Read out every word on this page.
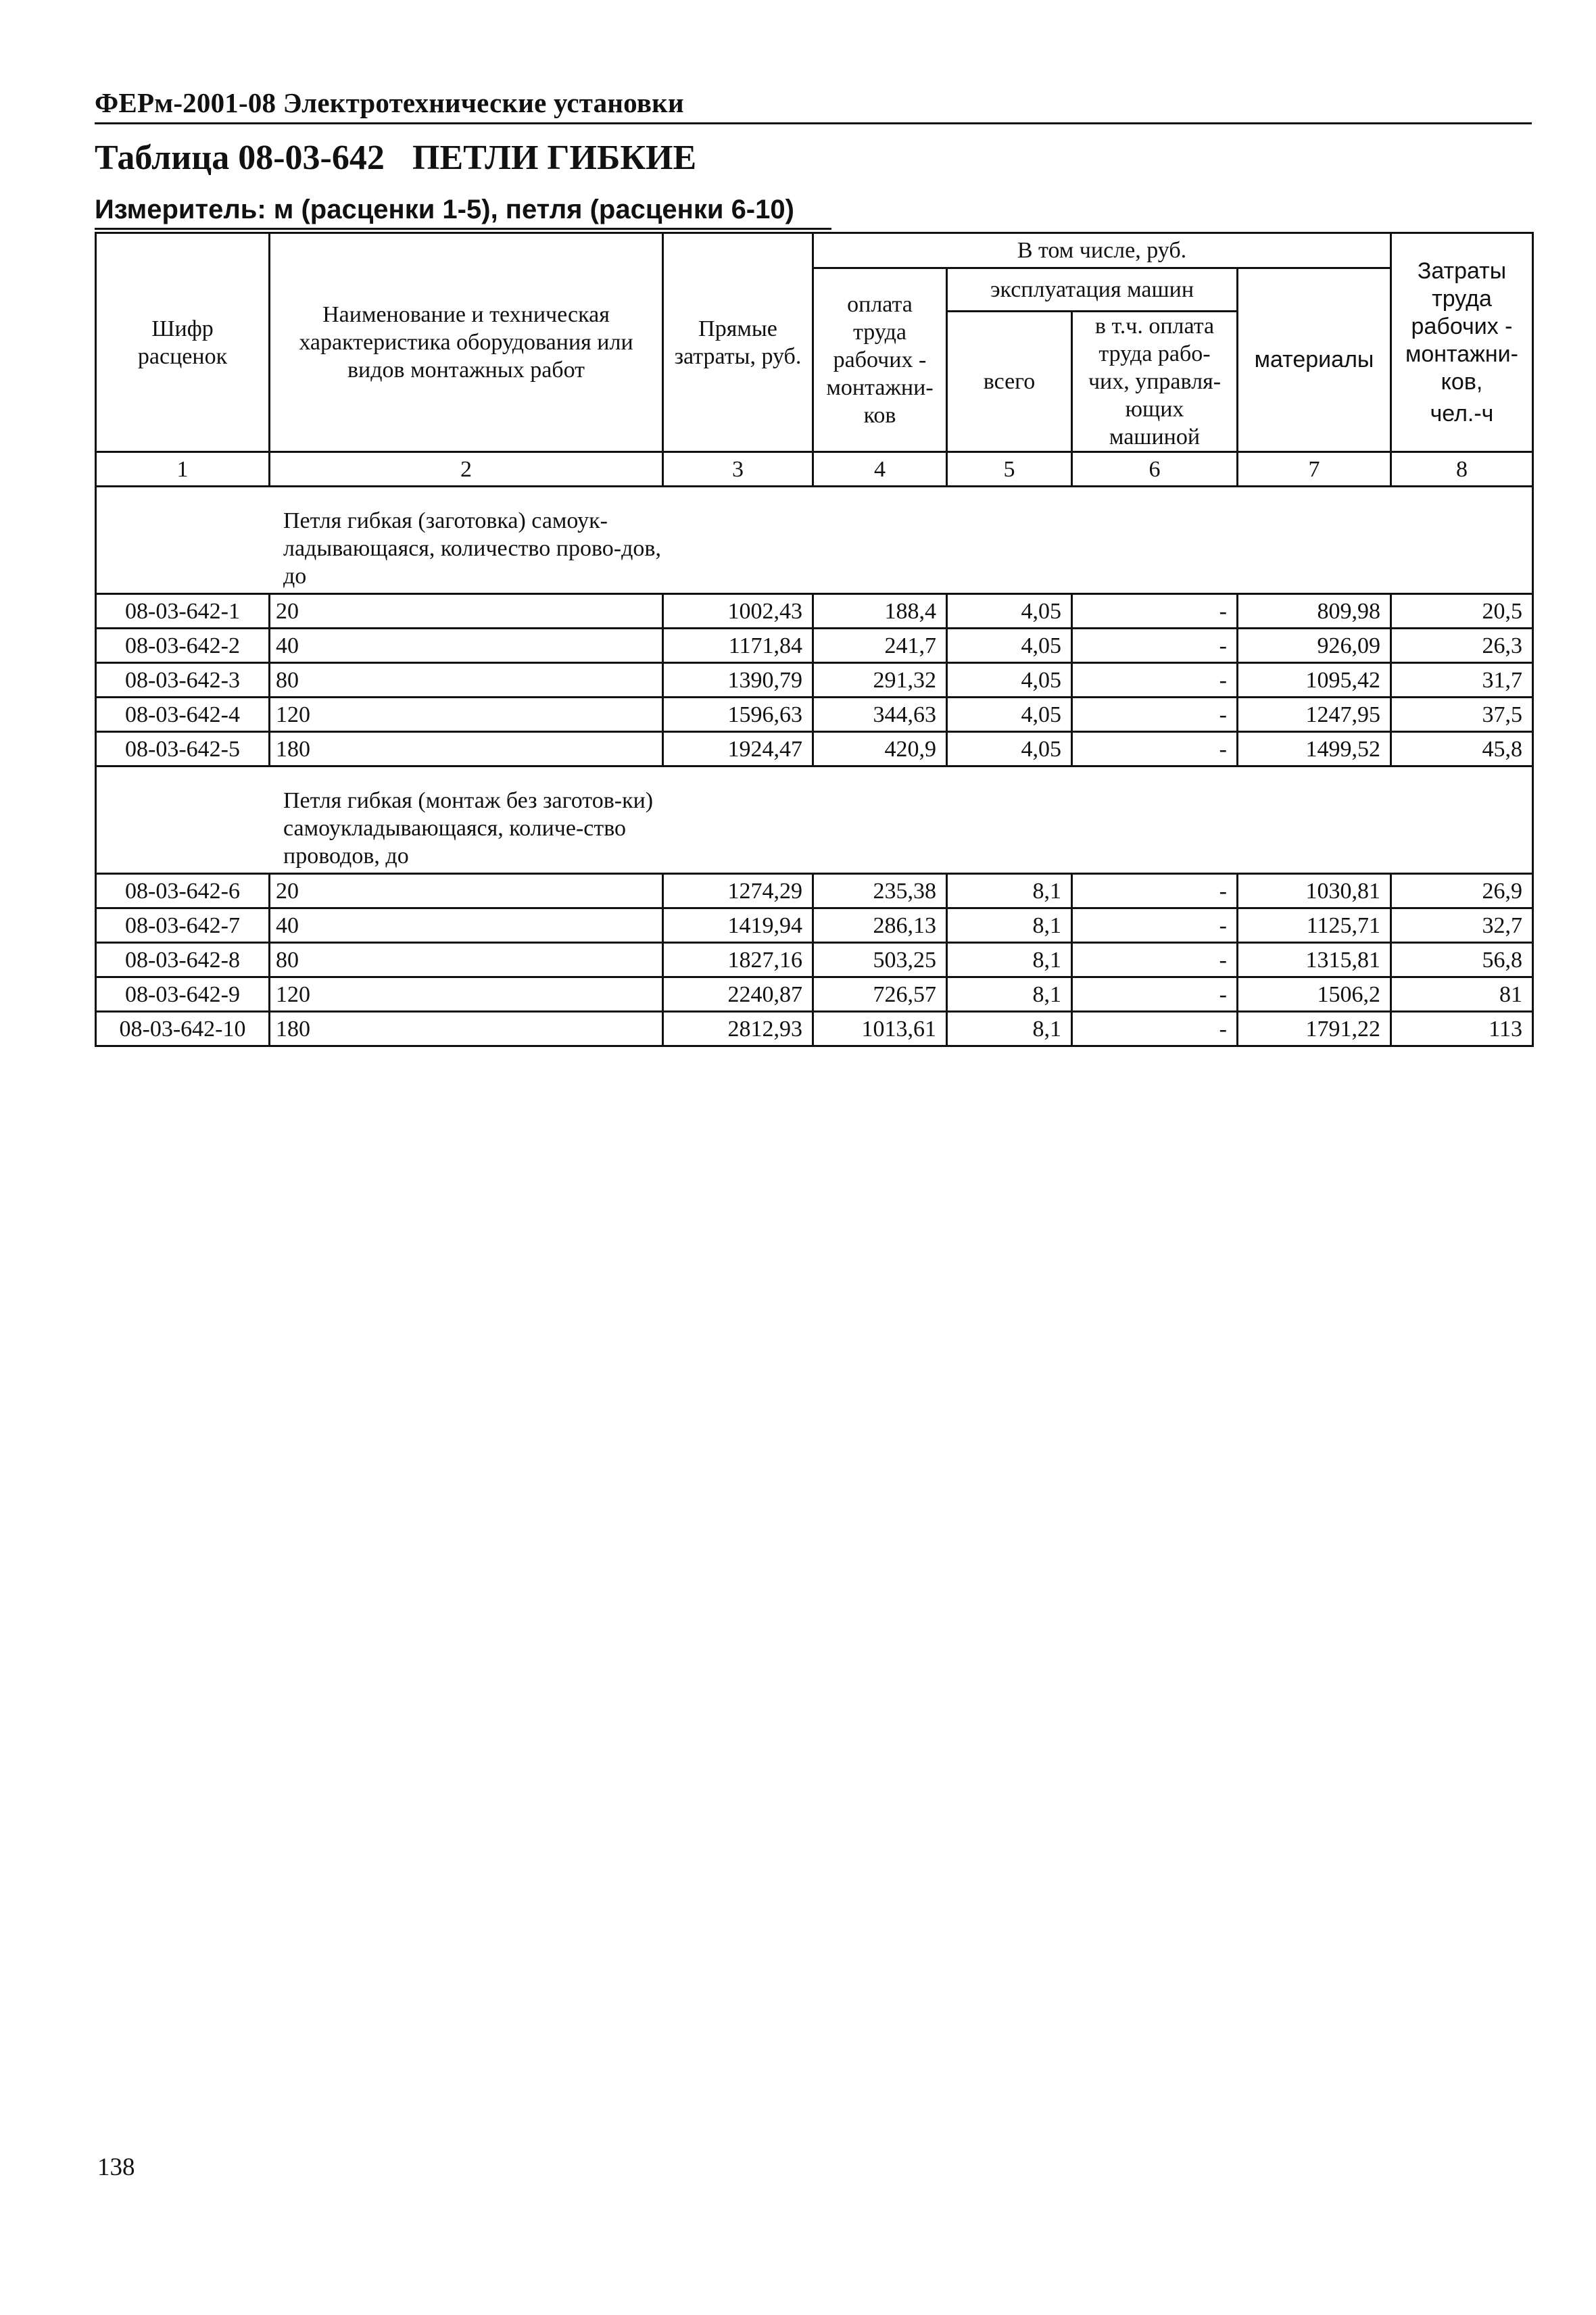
ФЕРм-2001-08 Электротехнические установки
Таблица 08-03-642 ПЕТЛИ ГИБКИЕ
Измеритель: м (расценки 1-5), петля (расценки 6-10)
Шифр расценок	Наименование и техническая характеристика оборудования или видов монтажных работ	Прямые затраты, руб.	В том числе, руб.				Затраты труда рабочих - монтажни-ков,
чел.-ч

			оплата труда рабочих - монтажни-ков	эксплуатация машин		материалы	
				всего	в т.ч. оплата труда рабо-чих, управля-ющих машиной		

1	2	3	4	5	6	7	8

Петля гибкая (заготовка) самоук-ладывающаяся, количество прово-дов, до							

08-03-642-1	20	1002,43	188,4	4,05	-	809,98	20,5
08-03-642-2	40	1171,84	241,7	4,05	-	926,09	26,3
08-03-642-3	80	1390,79	291,32	4,05	-	1095,42	31,7
08-03-642-4	120	1596,63	344,63	4,05	-	1247,95	37,5
08-03-642-5	180	1924,47	420,9	4,05	-	1499,52	45,8

Петля гибкая (монтаж без заготов-ки) самоукладывающаяся, количе-ство проводов, до							

08-03-642-6	20	1274,29	235,38	8,1	-	1030,81	26,9
08-03-642-7	40	1419,94	286,13	8,1	-	1125,71	32,7
08-03-642-8	80	1827,16	503,25	8,1	-	1315,81	56,8
08-03-642-9	120	2240,87	726,57	8,1	-	1506,2	81
08-03-642-10	180	2812,93	1013,61	8,1	-	1791,22	113
138
